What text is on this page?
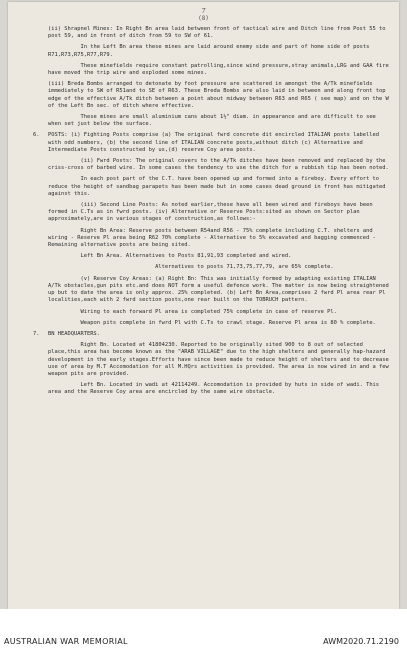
7
(8)
(ii) Shrapnel Mines: In Right Bn area laid between front of tactical wire and Ditch line from Post 55 to post 59, and in front of ditch from 59 to SW of 61.
In the Left Bn area these mines are laid around enemy side and part of home side of posts R71,R73,R75,R77,R79.
These minefields require constant patrolling,since wind pressure,stray animals,LRG and GAA fire have moved the trip wire and exploded some mines.
(iii) Breda Bombs arranged to detonate by foot pressure are scattered in amongst the A/Tk minefields immediately to SW of R51and to SE of R63. These Breda Bombs are also laid in between and along front top edge of the effective A/Tk ditch between a point about midway between R63 and R65 ( see map) and on the W of the Left Bn sec. of ditch where effective.
These mines are small aluminium cans about 1½" diam. in appearance and are difficult to see when set just below the surface.
6. POSTS: (i) Fighting Posts comprise (a) The original fwrd concrete dit encircled ITALIAN posts labelled with odd numbers, (b) the second line of ITALIAN concrete posts,without ditch (c) Alternative and Intermediate Posts constructed by us,(d) reserve Coy area posts.
(ii) Fwrd Posts: The original covers to the A/Tk ditches have been removed and replaced by the criss-cross of barbed wire. In some cases the tendency to use the ditch for a rubbish tip has been noted.
In each post part of the C.T. have been opened up and formed into a fireboy. Every effort to reduce the height of sandbag parapets has been made but in some cases dead ground in front has mitigated against this.
(iii) Second Line Posts: As noted earlier,these have all been wired and fireboys have been formed in C.Ts as in fwrd posts. (iv) Alternative or Reserve Posts:sited as shown on Sector plan approximately,are in various stages of construction,as follows:-
Right Bn Area: Reserve posts between R54and R56 - 75% complete including C.T. shelters and wiring - Reserve Pl area being R62 70% complete - Alternative to 5% excavated and bagging commenced - Remaining alternative posts are being sited.
Left Bn Area. Alternatives to Posts 81,91,93 completed and wired.
Alternatives to posts 71,73,75,77,79, are 65% complete.
(v) Reserve Coy Areas: (a) Right Bn: This was initially formed by adapting existing ITALIAN A/Tk obstacles,gun pits etc.and does NOT form a useful defence work. The matter is now being straightened up but to date the area is only approx. 25% completed. (b) Left Bn Area,comprises 2 fwrd Pl area rear Pl localities,each with 2 fwrd section posts,one rear built on the TOBRUCH pattern.
Wiring to each forward Pl area is completed 75% complete in case of reserve Pl.
Weapon pits complete in fwrd Pl with C.Ts to crawl stage. Reserve Pl area is 80 % complete.
7. BN HEADQUARTERS.
Right Bn. Located at 41804230. Reported to be originally sited 900 to 8 out of selected place,this area has become known as the "ARAB VILLAGE" due to the high shelters and generally hap-hazard development in the early stages.Efforts have since been made to reduce height of shelters and to decrease use of area by M.T Accomodation for all M.HQrs activities is provided. The area is now wired in and a few weapon pits are provided.
Left Bn. Located in wadi at 42114249. Accomodation is provided by huts in side of wadi. This area and the Reserve Coy area are encircled by the same wire obstacle.
AUSTRALIAN WAR MEMORIAL	AWM2020.71.2190
